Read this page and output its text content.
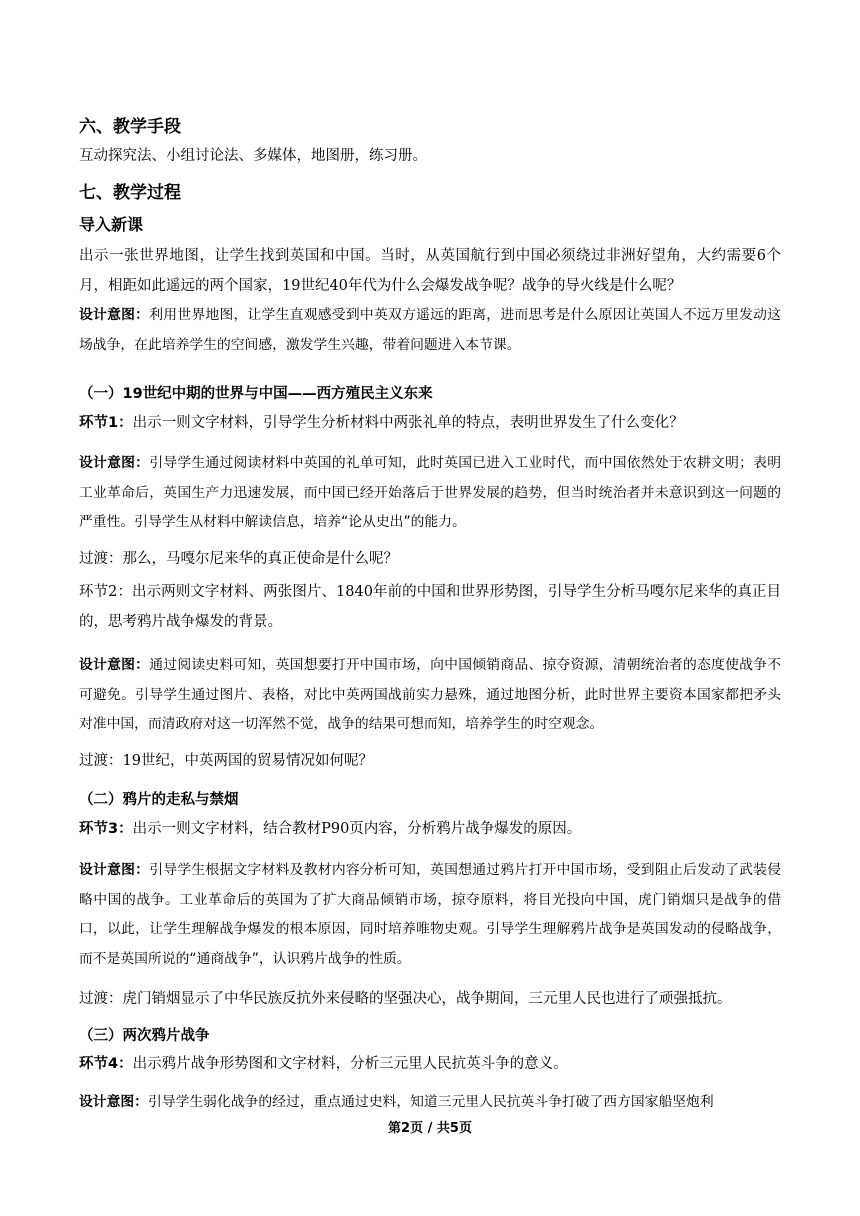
六、教学手段
互动探究法、小组讨论法、多媒体，地图册，练习册。
七、教学过程
导入新课
出示一张世界地图，让学生找到英国和中国。当时，从英国航行到中国必须绕过非洲好望角，大约需要6个月，相距如此遥远的两个国家，19世纪40年代为什么会爆发战争呢？战争的导火线是什么呢？
设计意图：利用世界地图，让学生直观感受到中英双方遥远的距离，进而思考是什么原因让英国人不远万里发动这场战争，在此培养学生的空间感，激发学生兴趣，带着问题进入本节课。
（一）19世纪中期的世界与中国——西方殖民主义东来
环节1：出示一则文字材料，引导学生分析材料中两张礼单的特点，表明世界发生了什么变化？
设计意图：引导学生通过阅读材料中英国的礼单可知，此时英国已进入工业时代，而中国依然处于农耕文明；表明工业革命后，英国生产力迅速发展，而中国已经开始落后于世界发展的趋势，但当时统治者并未意识到这一问题的严重性。引导学生从材料中解读信息，培养“论从史出”的能力。
过渡：那么，马嘎尔尼来华的真正使命是什么呢？
环节2：出示两则文字材料、两张图片、1840年前的中国和世界形势图，引导学生分析马嘎尔尼来华的真正目的，思考鸦片战争爆发的背景。
设计意图：通过阅读史料可知，英国想要打开中国市场，向中国倾销商品、掠夺资源，清朝统治者的态度使战争不可避免。引导学生通过图片、表格，对比中英两国战前实力悬殊，通过地图分析，此时世界主要资本国家都把矛头对准中国，而清政府对这一切浑然不觉，战争的结果可想而知，培养学生的时空观念。
过渡：19世纪，中英两国的贸易情况如何呢？
（二）鸦片的走私与禁烟
环节3：出示一则文字材料，结合教材P90页内容，分析鸦片战争爆发的原因。
设计意图：引导学生根据文字材料及教材内容分析可知，英国想通过鸦片打开中国市场，受到阻止后发动了武装侵略中国的战争。工业革命后的英国为了扩大商品倾销市场，掠夺原料，将目光投向中国，虎门销烟只是战争的借口，以此，让学生理解战争爆发的根本原因，同时培养唯物史观。引导学生理解鸦片战争是英国发动的侵略战争，而不是英国所说的“通商战争”，认识鸦片战争的性质。
过渡：虎门销烟显示了中华民族反抗外来侵略的坚强决心，战争期间，三元里人民也进行了顽强抵抗。
（三）两次鸦片战争
环节4：出示鸦片战争形势图和文字材料，分析三元里人民抗英斗争的意义。
设计意图：引导学生弱化战争的经过，重点通过史料，知道三元里人民抗英斗争打破了西方国家船坚炮利
第2页 / 共5页
